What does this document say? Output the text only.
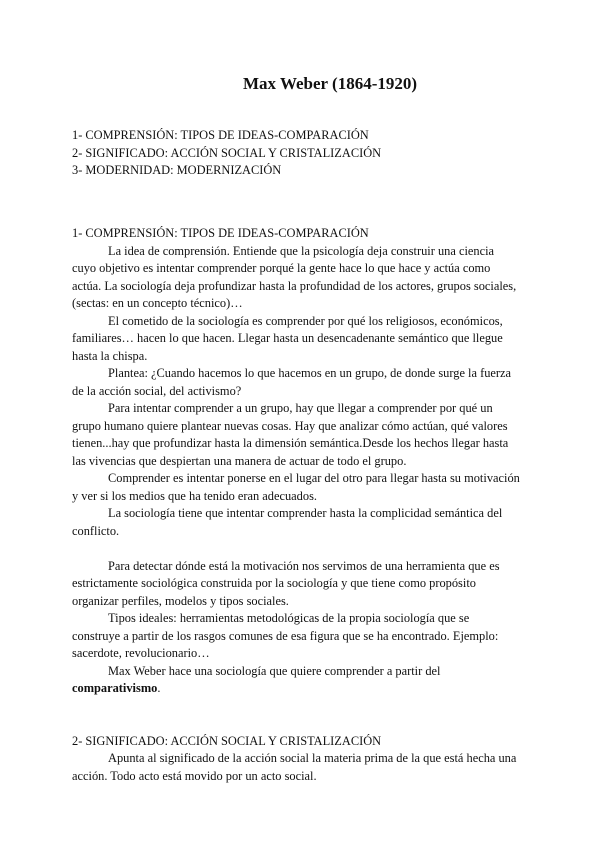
Max Weber (1864-1920)
1- COMPRENSIÓN: TIPOS DE IDEAS-COMPARACIÓN
2- SIGNIFICADO: ACCIÓN SOCIAL Y CRISTALIZACIÓN
3- MODERNIDAD: MODERNIZACIÓN
1- COMPRENSIÓN: TIPOS DE IDEAS-COMPARACIÓN
La idea de comprensión. Entiende que la psicología deja construir una ciencia
cuyo objetivo es intentar comprender porqué la gente hace lo que hace y actúa como
actúa. La sociología deja profundizar hasta la profundidad de los actores, grupos sociales,
(sectas: en un concepto técnico)…
El cometido de la sociología es comprender por qué los religiosos, económicos,
familiares… hacen lo que hacen. Llegar hasta un desencadenante semántico que llegue
hasta la chispa.
Plantea: ¿Cuando hacemos lo que hacemos en un grupo, de donde surge la fuerza
de la acción social, del activismo?
Para intentar comprender a un grupo, hay que llegar a comprender por qué un
grupo humano quiere plantear nuevas cosas. Hay que analizar cómo actúan, qué valores
tienen...hay que profundizar hasta la dimensión semántica.Desde los hechos llegar hasta
las vivencias que despiertan una manera de actuar de todo el grupo.
Comprender es intentar ponerse en el lugar del otro para llegar hasta su motivación
y ver si los medios que ha tenido eran adecuados.
La sociología tiene que intentar comprender hasta la complicidad semántica del
conflicto.
Para detectar dónde está la motivación nos servimos de una herramienta que es
estrictamente sociológica construida por la sociología y que tiene como propósito
organizar perfiles, modelos y tipos sociales.
Tipos ideales: herramientas metodológicas de la propia sociología que se
construye a partir de los rasgos comunes de esa figura que se ha encontrado. Ejemplo:
sacerdote, revolucionario…
Max Weber hace una sociología que quiere comprender a partir del
comparativismo.
2- SIGNIFICADO: ACCIÓN SOCIAL Y CRISTALIZACIÓN
Apunta al significado de la acción social la materia prima de la que está hecha una
acción. Todo acto está movido por un acto social.
